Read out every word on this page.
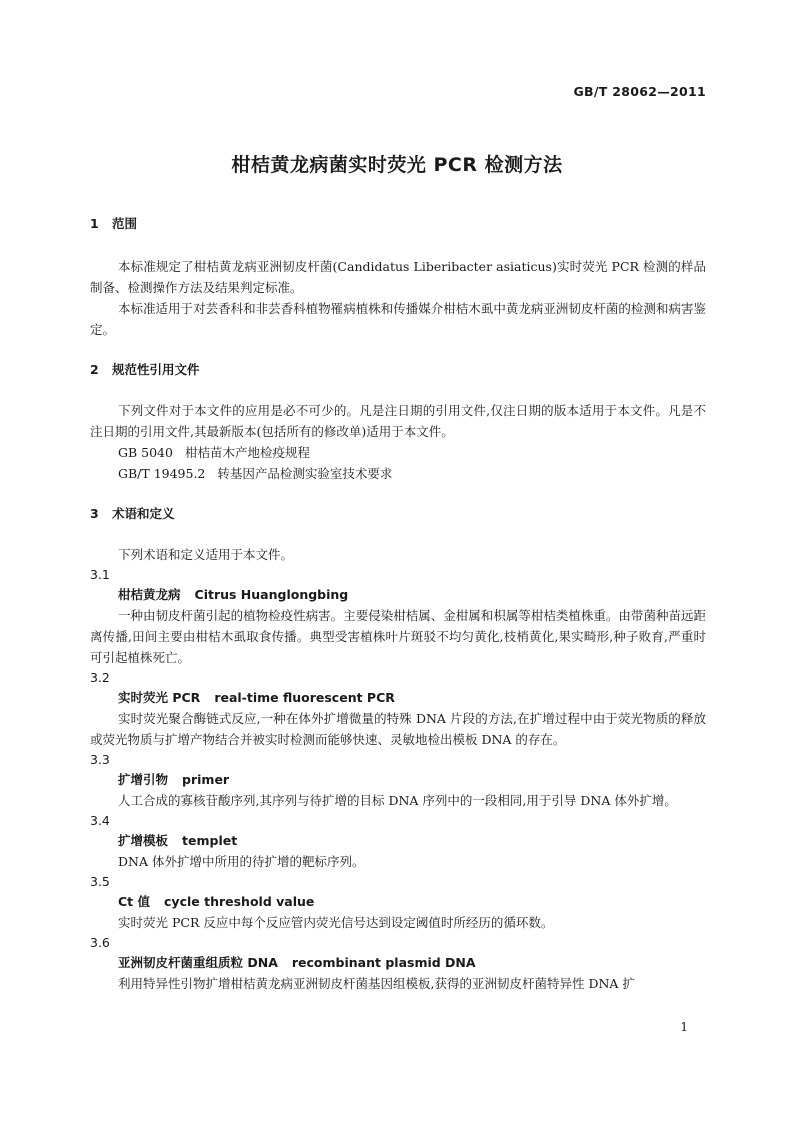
GB/T 28062—2011
柑桔黄龙病菌实时荧光 PCR 检测方法
1 范围
本标准规定了柑桔黄龙病亚洲韧皮杆菌(Candidatus Liberibacter asiaticus)实时荧光 PCR 检测的样品制备、检测操作方法及结果判定标准。
本标准适用于对芸香科和非芸香科植物罹病植株和传播媒介柑桔木虱中黄龙病亚洲韧皮杆菌的检测和病害鉴定。
2 规范性引用文件
下列文件对于本文件的应用是必不可少的。凡是注日期的引用文件,仅注日期的版本适用于本文件。凡是不注日期的引用文件,其最新版本(包括所有的修改单)适用于本文件。
GB 5040 柑桔苗木产地检疫规程
GB/T 19495.2 转基因产品检测实验室技术要求
3 术语和定义
下列术语和定义适用于本文件。
3.1
柑桔黄龙病 Citrus Huanglongbing
一种由韧皮杆菌引起的植物检疫性病害。主要侵染柑桔属、金柑属和枳属等柑桔类植株重。由带菌种苗远距离传播,田间主要由柑桔木虱取食传播。典型受害植株叶片斑驳不均匀黄化,枝梢黄化,果实畸形,种子败育,严重时可引起植株死亡。
3.2
实时荧光 PCR real-time fluorescent PCR
实时荧光聚合酶链式反应,一种在体外扩增微量的特殊 DNA 片段的方法,在扩增过程中由于荧光物质的释放或荧光物质与扩增产物结合并被实时检测而能够快速、灵敏地检出模板 DNA 的存在。
3.3
扩增引物 primer
人工合成的寡核苷酸序列,其序列与待扩增的目标 DNA 序列中的一段相同,用于引导 DNA 体外扩增。
3.4
扩增模板 templet
DNA 体外扩增中所用的待扩增的靶标序列。
3.5
Ct 值 cycle threshold value
实时荧光 PCR 反应中每个反应管内荧光信号达到设定阈值时所经历的循环数。
3.6
亚洲韧皮杆菌重组质粒 DNA recombinant plasmid DNA
利用特异性引物扩增柑桔黄龙病亚洲韧皮杆菌基因组模板,获得的亚洲韧皮杆菌特异性 DNA 扩
1
